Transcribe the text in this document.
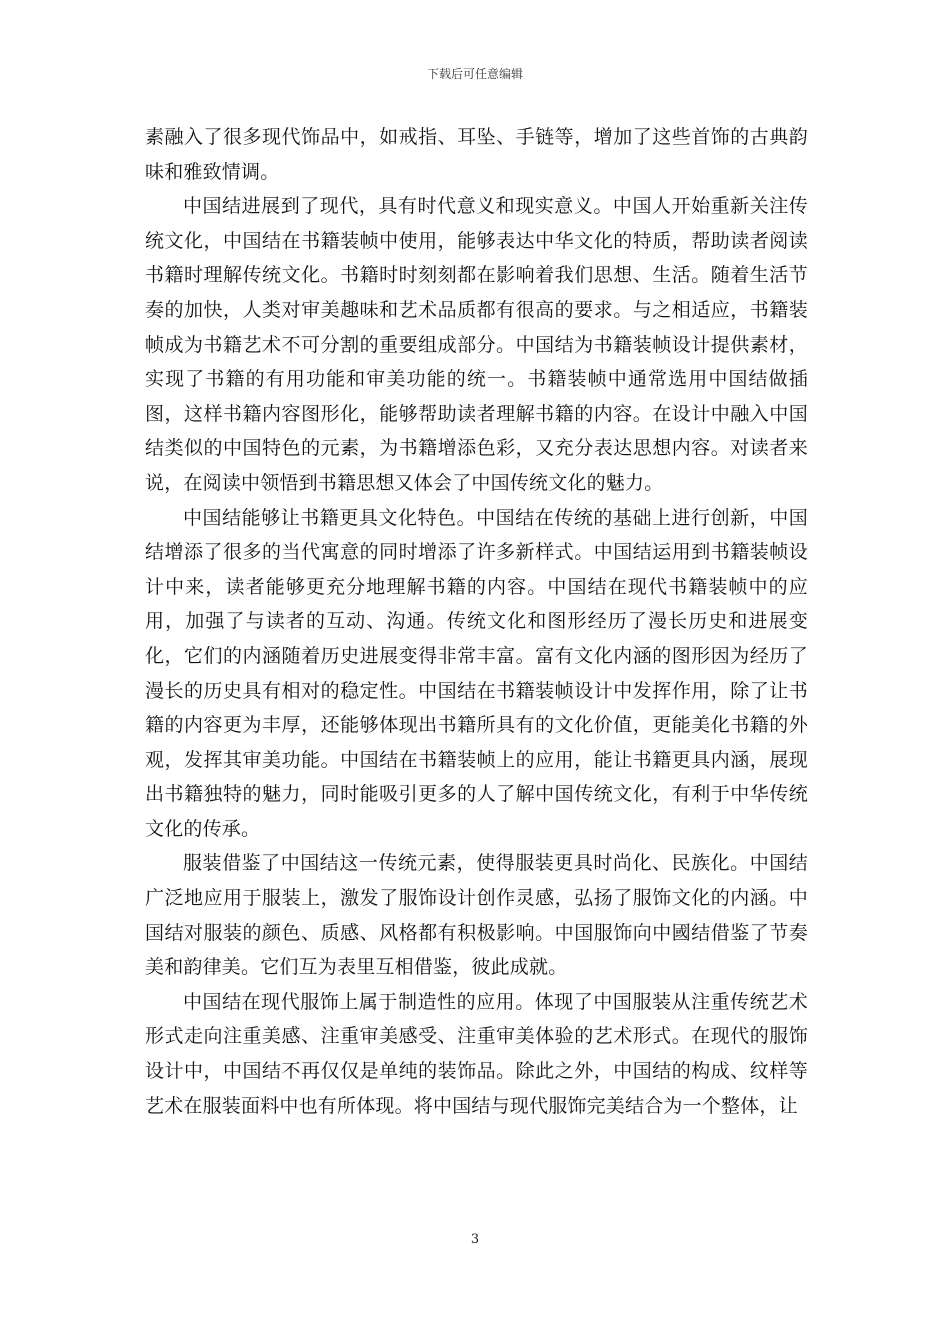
下载后可任意编辑

素融入了很多现代饰品中，如戒指、耳坠、手链等，增加了这些首饰的古典韵味和雅致情调。

中国结进展到了现代，具有时代意义和现实意义。中国人开始重新关注传统文化，中国结在书籍装帧中使用，能够表达中华文化的特质，帮助读者阅读书籍时理解传统文化。书籍时时刻刻都在影响着我们思想、生活。随着生活节奏的加快，人类对审美趣味和艺术品质都有很高的要求。与之相适应，书籍装帧成为书籍艺术不可分割的重要组成部分。中国结为书籍装帧设计提供素材，实现了书籍的有用功能和审美功能的统一。书籍装帧中通常选用中国结做插图，这样书籍内容图形化，能够帮助读者理解书籍的内容。在设计中融入中国结类似的中国特色的元素，为书籍增添色彩，又充分表达思想内容。对读者来说，在阅读中领悟到书籍思想又体会了中国传统文化的魅力。

中国结能够让书籍更具文化特色。中国结在传统的基础上进行创新，中国结增添了很多的当代寓意的同时增添了许多新样式。中国结运用到书籍装帧设计中来，读者能够更充分地理解书籍的内容。中国结在现代书籍装帧中的应用，加强了与读者的互动、沟通。传统文化和图形经历了漫长历史和进展变化，它们的内涵随着历史进展变得非常丰富。富有文化内涵的图形因为经历了漫长的历史具有相对的稳定性。中国结在书籍装帧设计中发挥作用，除了让书籍的内容更为丰厚，还能够体现出书籍所具有的文化价值，更能美化书籍的外观，发挥其审美功能。中国结在书籍装帧上的应用，能让书籍更具内涵，展现出书籍独特的魅力，同时能吸引更多的人了解中国传统文化，有利于中华传统文化的传承。

服装借鉴了中国结这一传统元素，使得服装更具时尚化、民族化。中国结广泛地应用于服装上，激发了服饰设计创作灵感，弘扬了服饰文化的内涵。中国结对服装的颜色、质感、风格都有积极影响。中国服饰向中國结借鉴了节奏美和韵律美。它们互为表里互相借鉴，彼此成就。

中国结在现代服饰上属于制造性的应用。体现了中国服装从注重传统艺术形式走向注重美感、注重审美感受、注重审美体验的艺术形式。在现代的服饰设计中，中国结不再仅仅是单纯的装饰品。除此之外，中国结的构成、纹样等艺术在服装面料中也有所体现。将中国结与现代服饰完美结合为一个整体，让

3
